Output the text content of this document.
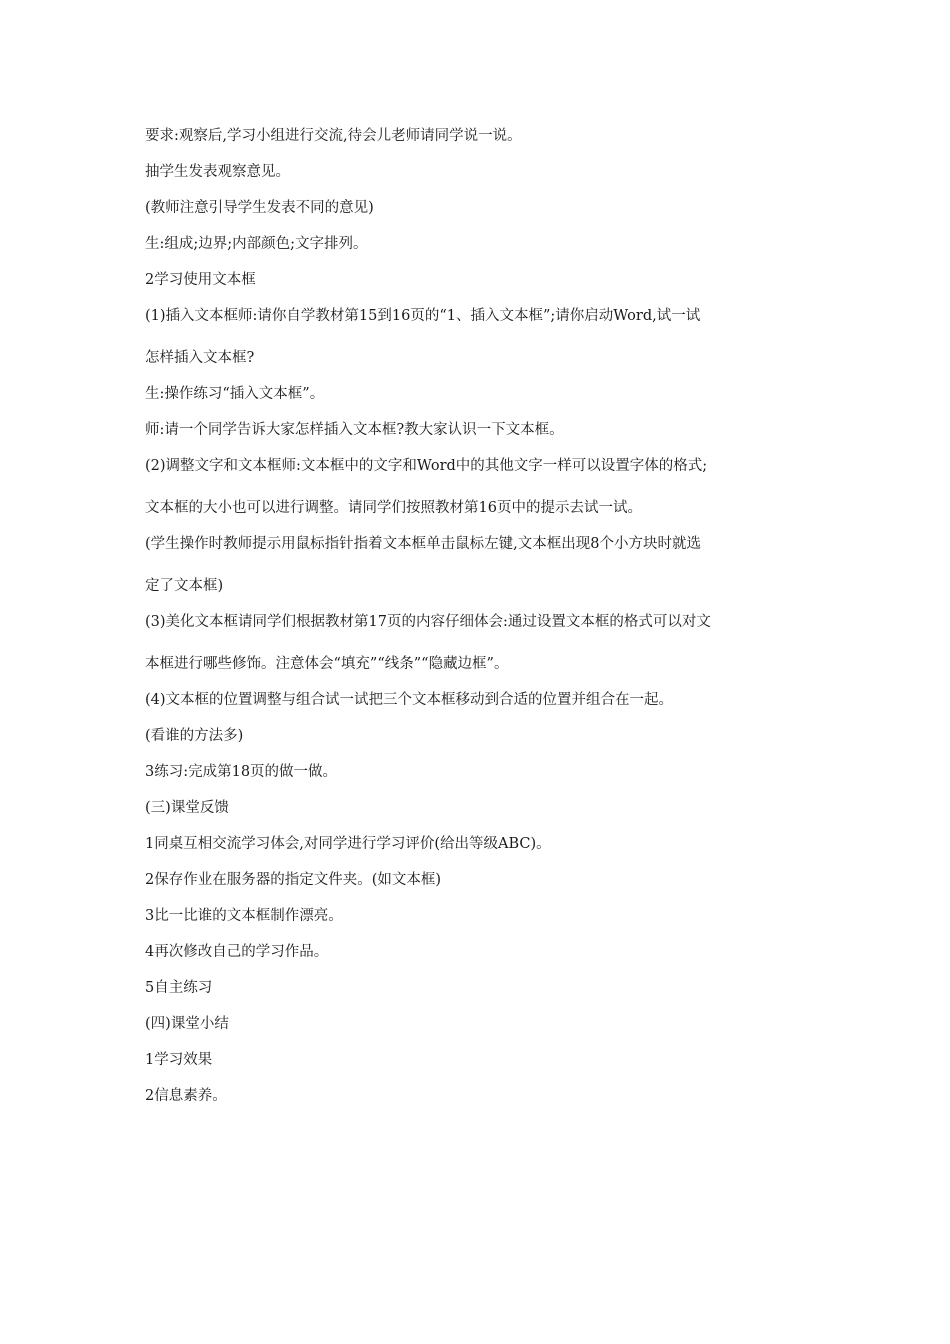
要求:观察后,学习小组进行交流,待会儿老师请同学说一说。
抽学生发表观察意见。
(教师注意引导学生发表不同的意见)
生:组成;边界;内部颜色;文字排列。
2学习使用文本框
(1)插入文本框师:请你自学教材第15到16页的“1、插入文本框”;请你启动Word,试一试
怎样插入文本框?
生:操作练习“插入文本框”。
师:请一个同学告诉大家怎样插入文本框?教大家认识一下文本框。
(2)调整文字和文本框师:文本框中的文字和Word中的其他文字一样可以设置字体的格式;
文本框的大小也可以进行调整。请同学们按照教材第16页中的提示去试一试。
(学生操作时教师提示用鼠标指针指着文本框单击鼠标左键,文本框出现8个小方块时就选
定了文本框)
(3)美化文本框请同学们根据教材第17页的内容仔细体会:通过设置文本框的格式可以对文
本框进行哪些修饰。注意体会“填充”“线条”“隐藏边框”。
(4)文本框的位置调整与组合试一试把三个文本框移动到合适的位置并组合在一起。
(看谁的方法多)
3练习:完成第18页的做一做。
(三)课堂反馈
1同桌互相交流学习体会,对同学进行学习评价(给出等级ABC)。
2保存作业在服务器的指定文件夹。(如文本框)
3比一比谁的文本框制作漂亮。
4再次修改自己的学习作品。
5自主练习
(四)课堂小结
1学习效果
2信息素养。
